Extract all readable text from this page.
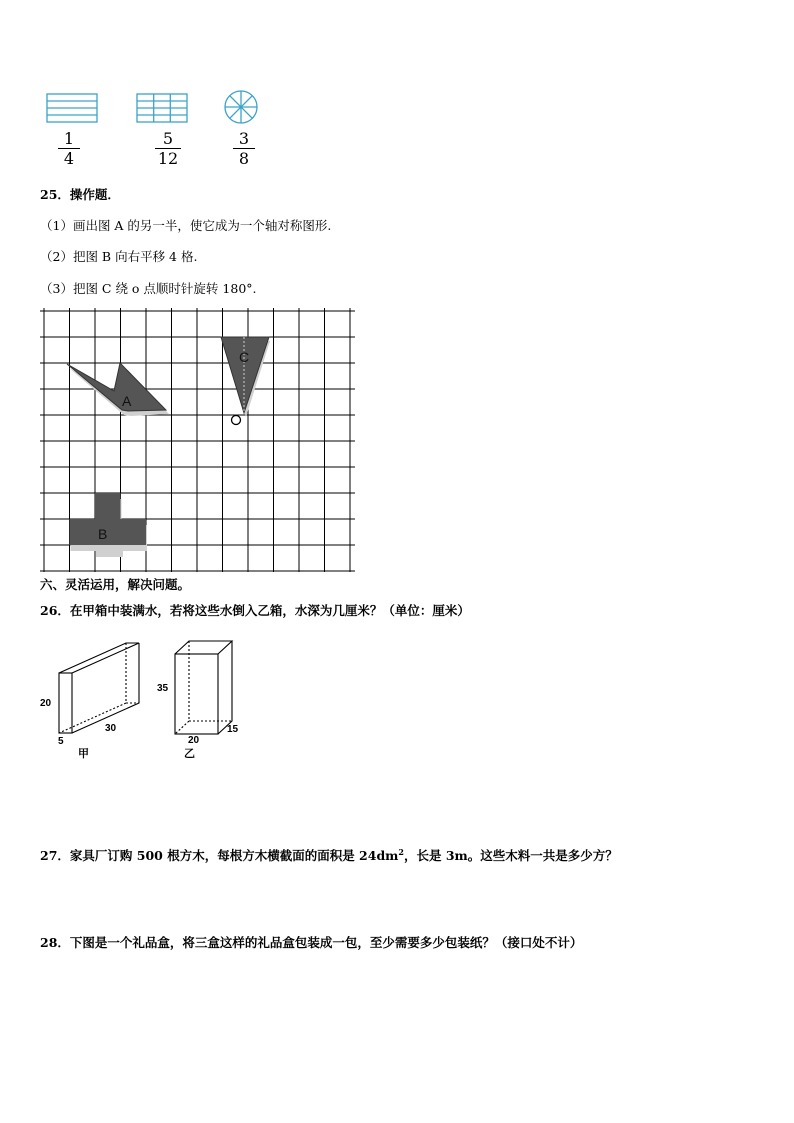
1
4
5
12
3
8
25．操作题．
（1）画出图 A 的另一半，使它成为一个轴对称图形.
（2）把图 B 向右平移 4 格.
（3）把图 C 绕 o 点顺时针旋转 180°.
A
C
B
六、灵活运用，解决问题。
26．在甲箱中装满水，若将这些水倒入乙箱，水深为几厘米？（单位：厘米）
20
5
30
甲
35
20
15
乙
27．家具厂订购 500 根方木，每根方木横截面的面积是 $24dm^2$，长是 3m。这些木料一共是多少方？
28．下图是一个礼品盒，将三盒这样的礼品盒包装成一包，至少需要多少包装纸？（接口处不计）
